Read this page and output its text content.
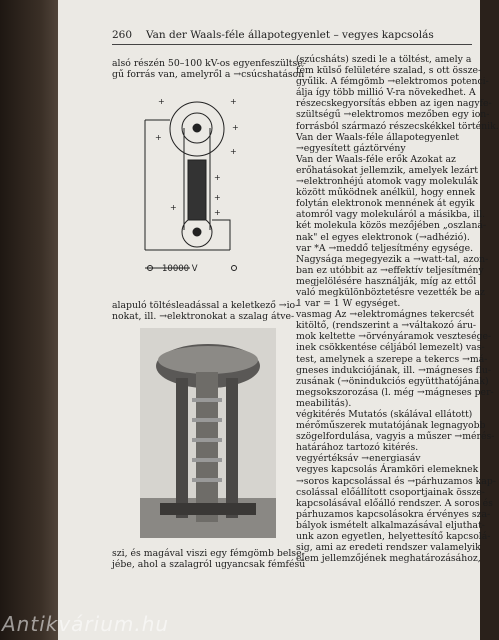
260 Van der Waals-féle állapotegyenlet – vegyes kapcsolás

alsó részén 50–100 kV-os egyenfeszültsé-

gű forrás van, amelyről a →csúcshatáson

+	+
+
+
+
+
+
+
+
10000 V

alapuló töltésleadással a keletkező →io-

nokat, ill. →elektronokat a szalag átve-

szi, és magával viszi egy fémgömb belse-

jébe, ahol a szalagról ugyancsak fémfésű

(szúcsháts) szedi le a töltést, amely a

fém külső felületére szalad, s ott össze-

gyűlik. A fémgömb →elektromos potenci-

álja így több millió V-ra növekedhet. A

részecskegyorsítás ebben az igen nagyfe-

szültségű →elektromos mezőben egy ion-

forrásból származó részecskékkel történik.

Van der Waals-féle állapotegyenlet

→egyesített gáztörvény

Van der Waals-féle erők Azokat az

erőhatásokat jellemzik, amelyek lezárt

→elektronhéjú atomok vagy molekulák

között működnek anélkül, hogy ennek

folytán elektronok mennének át egyik

atomról vagy molekuláról a másikba, ill.

két molekula közös mezőjében „oszlaná-

nak" el egyes elektronok (→adhézió).

var *A →meddő teljesítmény egysége.

Nagysága megegyezik a →watt-tal, azon-

ban ez utóbbit az →effektív teljesítmény

megjelölésére használják, míg az ettől

való megkülönböztetésre vezették be az

1 var = 1 W egységet.

vasmag Az →elektromágnes tekercsét

kitöltő, (rendszerint a →váltakozó áru-

mok keltette →örvényáramok vesztesége-

inek csökkentése céljából lemezelt) vas-

test, amelynek a szerepe a tekercs →má-

gneses indukciójának, ill. →mágneses flu-

zusának (→önindukciós együtthatójának)

megsokszorozása (l. még →mágneses per-

meabilitás).

végkitérés Mutatós (skálával ellátott)

mérőműszerek mutatójának legnagyobb

szögelfordulása, vagyis a műszer →mérés-

határához tartozó kitérés.

vegyértéksáv →energiasáv

vegyes kapcsolás Áramköri elemeknek

→soros kapcsolással és →párhuzamos kap-

csolással előállított csoportjainak össze-

kapcsolásával előálló rendszer. A soros és

párhuzamos kapcsolásokra érvényes sza-

bályok ismételt alkalmazásával eljuthat-

unk azon egyetlen, helyettesítő kapcsolá-

sig, ami az eredeti rendszer valamelyik

elem jellemzőjének meghatározásához,

Antikvárium.hu
